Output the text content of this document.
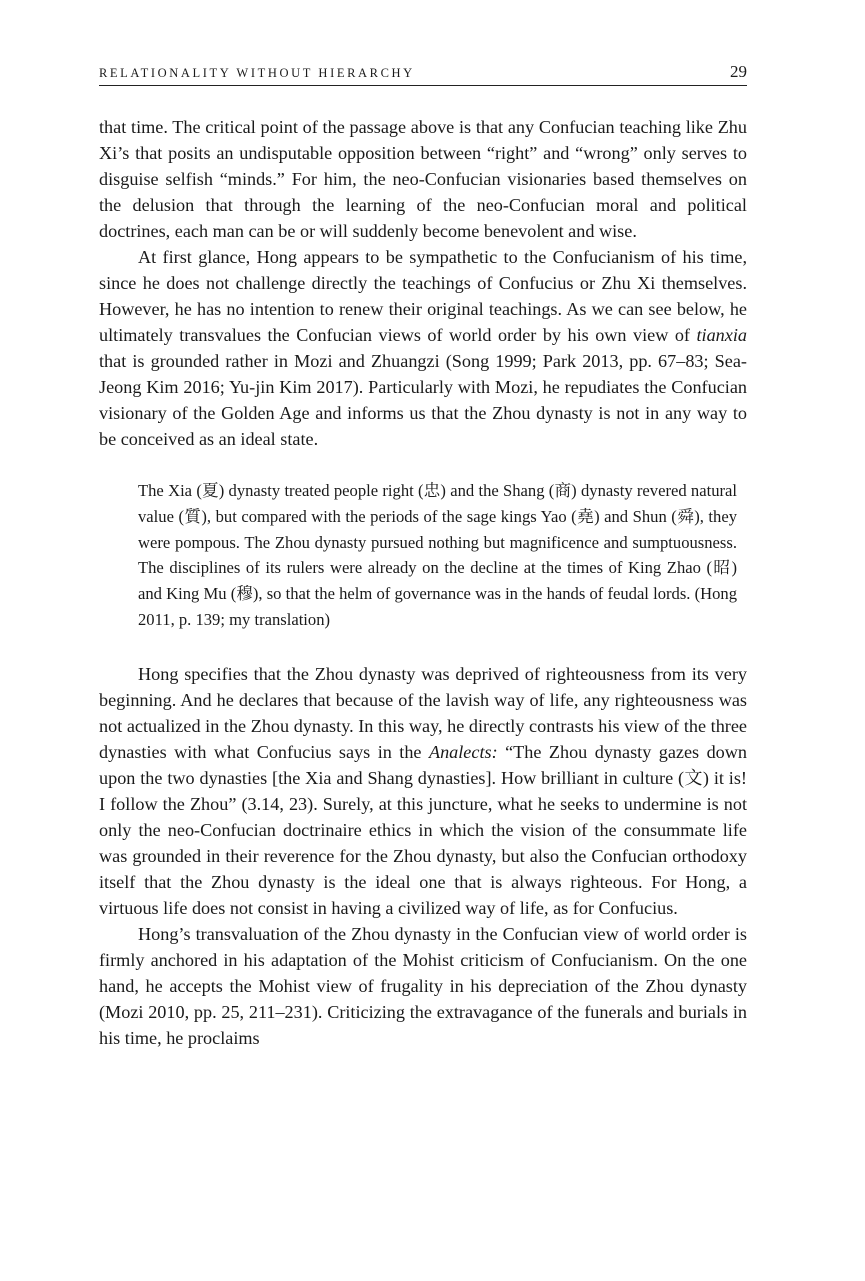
RELATIONALITY WITHOUT HIERARCHY	29

that time. The critical point of the passage above is that any Confucian teaching like Zhu Xi’s that posits an undisputable opposition between “right” and “wrong” only serves to disguise selfish “minds.” For him, the neo-Confucian visionaries based themselves on the delusion that through the learning of the neo-Confucian moral and political doctrines, each man can be or will suddenly become benevolent and wise.

At first glance, Hong appears to be sympathetic to the Confucianism of his time, since he does not challenge directly the teachings of Confucius or Zhu Xi themselves. However, he has no intention to renew their original teachings. As we can see below, he ultimately transvalues the Confucian views of world order by his own view of tianxia that is grounded rather in Mozi and Zhuangzi (Song 1999; Park 2013, pp. 67–83; Sea-Jeong Kim 2016; Yu-jin Kim 2017). Particularly with Mozi, he repudiates the Confucian visionary of the Golden Age and informs us that the Zhou dynasty is not in any way to be conceived as an ideal state.

The Xia (夏) dynasty treated people right (忠) and the Shang (商) dynasty revered natural value (質), but compared with the periods of the sage kings Yao (堯) and Shun (舜), they were pompous. The Zhou dynasty pursued nothing but magnificence and sumptuousness. The disciplines of its rulers were already on the decline at the times of King Zhao (昭) and King Mu (穆), so that the helm of governance was in the hands of feudal lords. (Hong 2011, p. 139; my translation)

Hong specifies that the Zhou dynasty was deprived of righteousness from its very beginning. And he declares that because of the lavish way of life, any righteousness was not actualized in the Zhou dynasty. In this way, he directly contrasts his view of the three dynasties with what Confucius says in the Analects: “The Zhou dynasty gazes down upon the two dynasties [the Xia and Shang dynasties]. How brilliant in culture (文) it is! I follow the Zhou” (3.14, 23). Surely, at this juncture, what he seeks to undermine is not only the neo-Confucian doctrinaire ethics in which the vision of the consummate life was grounded in their reverence for the Zhou dynasty, but also the Confucian orthodoxy itself that the Zhou dynasty is the ideal one that is always righteous. For Hong, a virtuous life does not consist in having a civilized way of life, as for Confucius.

Hong’s transvaluation of the Zhou dynasty in the Confucian view of world order is firmly anchored in his adaptation of the Mohist criticism of Confucianism. On the one hand, he accepts the Mohist view of frugality in his depreciation of the Zhou dynasty (Mozi 2010, pp. 25, 211–231). Criticizing the extravagance of the funerals and burials in his time, he proclaims
